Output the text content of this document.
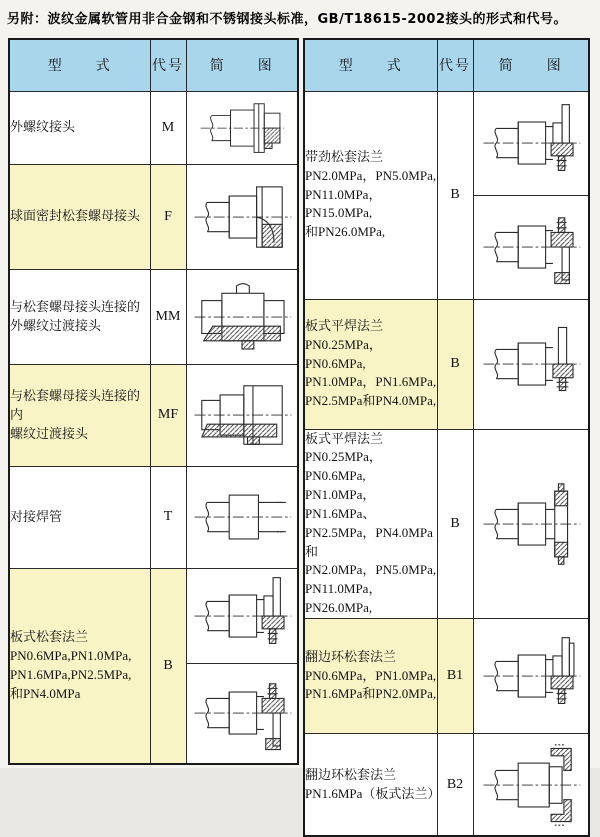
另附：波纹金属软管用非合金钢和不锈钢接头标准，GB/T18615-2002接头的形式和代号。
型　　式	代号	简　　图

外螺纹接头	M	

球面密封松套螺母接头	F	

与松套螺母接头连接的
外螺纹过渡接头	MM	

与松套螺母接头连接的内
螺纹过渡接头	MF	

对接焊管	T	

板式松套法兰
PN0.6MPa,PN1.0MPa,
PN1.6MPa,PN2.5MPa,
和PN4.0MPa	B	

型　　式	代号	简　　图

带劲松套法兰
PN2.0MPa，PN5.0MPa,
PN11.0MPa，PN15.0MPa,
和PN26.0MPa,	B	

板式平焊法兰
PN0.25MPa，PN0.6MPa,
PN1.0MPa，PN1.6MPa,
PN2.5MPa和PN4.0MPa,	B	

板式平焊法兰
PN0.25MPa，PN0.6MPa,
PN1.0MPa，PN1.6MPa、
PN2.5MPa，PN4.0MPa和
PN2.0MPa，PN5.0MPa,
PN11.0MPa，PN26.0MPa,
	B	

翻边环松套法兰
PN0.6MPa，PN1.0MPa,
PN1.6MPa和PN2.0MPa,	B1	

翻边环松套法兰
PN1.6MPa（板式法兰）	B2	
